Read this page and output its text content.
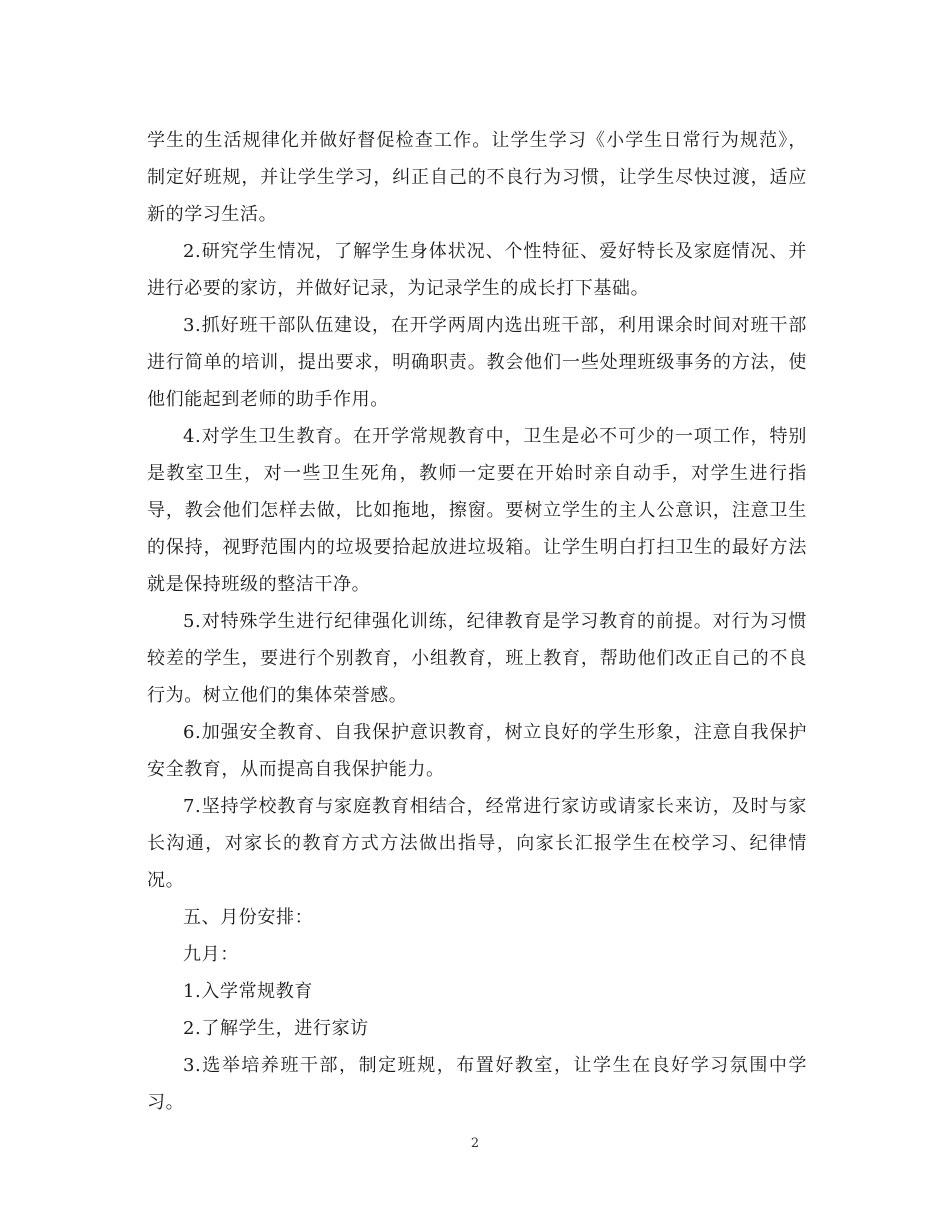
学生的生活规律化并做好督促检查工作。让学生学习《小学生日常行为规范》，制定好班规，并让学生学习，纠正自己的不良行为习惯，让学生尽快过渡，适应新的学习生活。

2.研究学生情况，了解学生身体状况、个性特征、爱好特长及家庭情况、并进行必要的家访，并做好记录，为记录学生的成长打下基础。

3.抓好班干部队伍建设，在开学两周内选出班干部，利用课余时间对班干部进行简单的培训，提出要求，明确职责。教会他们一些处理班级事务的方法，使他们能起到老师的助手作用。

4.对学生卫生教育。在开学常规教育中，卫生是必不可少的一项工作，特别是教室卫生，对一些卫生死角，教师一定要在开始时亲自动手，对学生进行指导，教会他们怎样去做，比如拖地，擦窗。要树立学生的主人公意识，注意卫生的保持，视野范围内的垃圾要拾起放进垃圾箱。让学生明白打扫卫生的最好方法就是保持班级的整洁干净。

5.对特殊学生进行纪律强化训练，纪律教育是学习教育的前提。对行为习惯较差的学生，要进行个别教育，小组教育，班上教育，帮助他们改正自己的不良行为。树立他们的集体荣誉感。

6.加强安全教育、自我保护意识教育，树立良好的学生形象，注意自我保护安全教育，从而提高自我保护能力。

7.坚持学校教育与家庭教育相结合，经常进行家访或请家长来访，及时与家长沟通，对家长的教育方式方法做出指导，向家长汇报学生在校学习、纪律情况。

五、月份安排：

九月：

1.入学常规教育

2.了解学生，进行家访

3.选举培养班干部，制定班规，布置好教室，让学生在良好学习氛围中学习。

2
